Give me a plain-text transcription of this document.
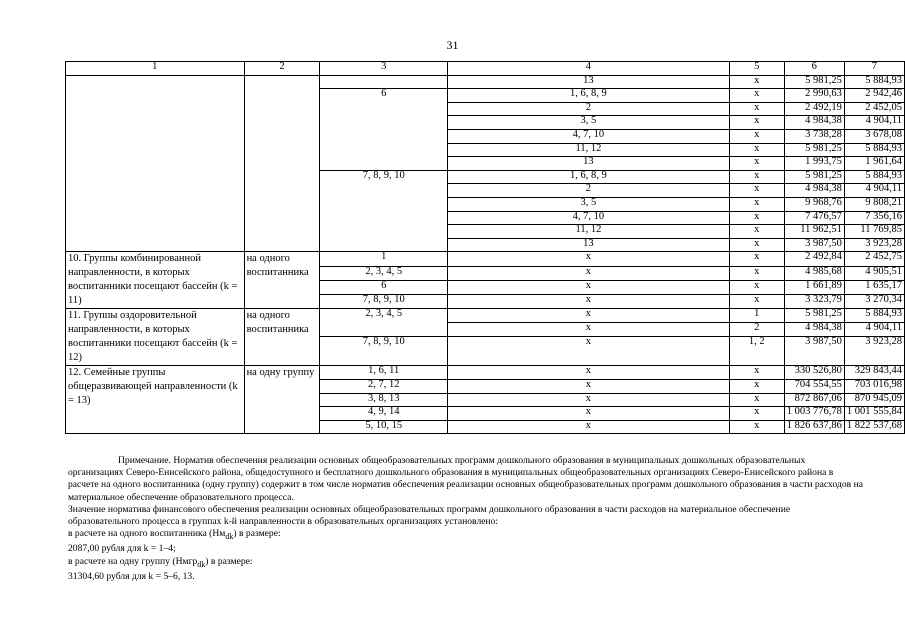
31
1	2	3	4	5	6	7
			13	x	5 981,25	5 884,93
		6	1, 6, 8, 9	x	2 990,63	2 942,46
			2	x	2 492,19	2 452,05
			3, 5	x	4 984,38	4 904,11
			4, 7, 10	x	3 738,28	3 678,08
			11, 12	x	5 981,25	5 884,93
			13	x	1 993,75	1 961,64
		7, 8, 9, 10	1, 6, 8, 9	x	5 981,25	5 884,93
			2	x	4 984,38	4 904,11
			3, 5	x	9 968,76	9 808,21
			4, 7, 10	x	7 476,57	7 356,16
			11, 12	x	11 962,51	11 769,85
			13	x	3 987,50	3 923,28
10. Группы комбинированной направленности, в которых воспитанники посещают бассейн (k = 11)	на одного воспитанника	1	x	x	2 492,84	2 452,75
		2, 3, 4, 5	x	x	4 985,68	4 905,51
		6	x	x	1 661,89	1 635,17
		7, 8, 9, 10	x	x	3 323,79	3 270,34
11. Группы оздоровительной направленности, в которых воспитанники посещают бассейн (k = 12)	на одного воспитанника	2, 3, 4, 5	x	1	5 981,25	5 884,93
			x	2	4 984,38	4 904,11
		7, 8, 9, 10	x	1, 2	3 987,50	3 923,28

12. Семейные группы общеразвивающей направленности (k = 13)	на одну группу	1, 6, 11	x	x	330 526,80	329 843,44
		2, 7, 12	x	x	704 554,55	703 016,98
		3, 8, 13	x	x	872 867,06	870 945,09
		4, 9, 14	x	x	1 003 776,78	1 001 555,84
		5, 10, 15	x	x	1 826 637,86	1 822 537,68

Примечание. Норматив обеспечения реализации основных общеобразовательных программ дошкольного образования в муниципальных дошкольных образовательных организациях Северо-Енисейского района, общедоступного и бесплатного дошкольного образования в муниципальных общеобразовательных организациях Северо-Енисейского района в расчете на одного воспитанника (одну группу) содержит в том числе норматив обеспечения реализации основных общеобразовательных программ дошкольного образования в части расходов на материальное обеспечение образовательного процесса.

Значение норматива финансового обеспечения реализации основных общеобразовательных программ дошкольного образования в части расходов на материальное обеспечение образовательного процесса в группах k-й направленности в образовательных организациях установлено:

в расчете на одного воспитанника $(Нм_{dk})$ в размере:

2087,00 рубля для k = 1–4;

в расчете на одну группу (Нмгр$_{dk}$) в размере:

31304,60 рубля для k = 5–6, 13.
